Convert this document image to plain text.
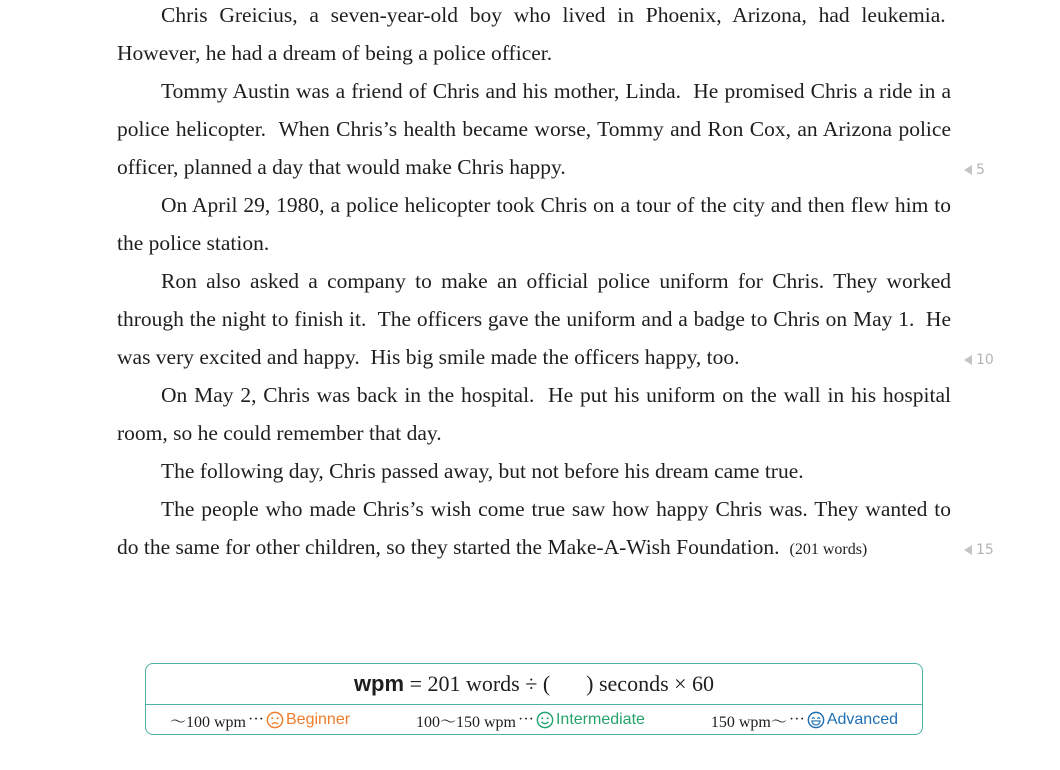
Chris Greicius, a seven-year-old boy who lived in Phoenix, Arizona, had leukemia.  However, he had a dream of being a police officer.

Tommy Austin was a friend of Chris and his mother, Linda.  He promised Chris a ride in a police helicopter.  When Chris’s health became worse, Tommy and Ron Cox, an Arizona police officer, planned a day that would make Chris happy.

On April 29, 1980, a police helicopter took Chris on a tour of the city and then flew him to the police station.

Ron also asked a company to make an official police uniform for Chris. They worked through the night to finish it.  The officers gave the uniform and a badge to Chris on May 1.  He was very excited and happy.  His big smile made the officers happy, too.

On May 2, Chris was back in the hospital.  He put his uniform on the wall in his hospital room, so he could remember that day.

The following day, Chris passed away, but not before his dream came true.

The people who made Chris’s wish come true saw how happy Chris was. They wanted to do the same for other children, so they started the Make-A-Wish Foundation. (201 words)

5
10
15
wpm
= 201 words ÷ ( ) seconds × 60
～100 wpm ··· Beginner	100～150 wpm ··· Intermediate	150 wpm～ ··· Advanced
